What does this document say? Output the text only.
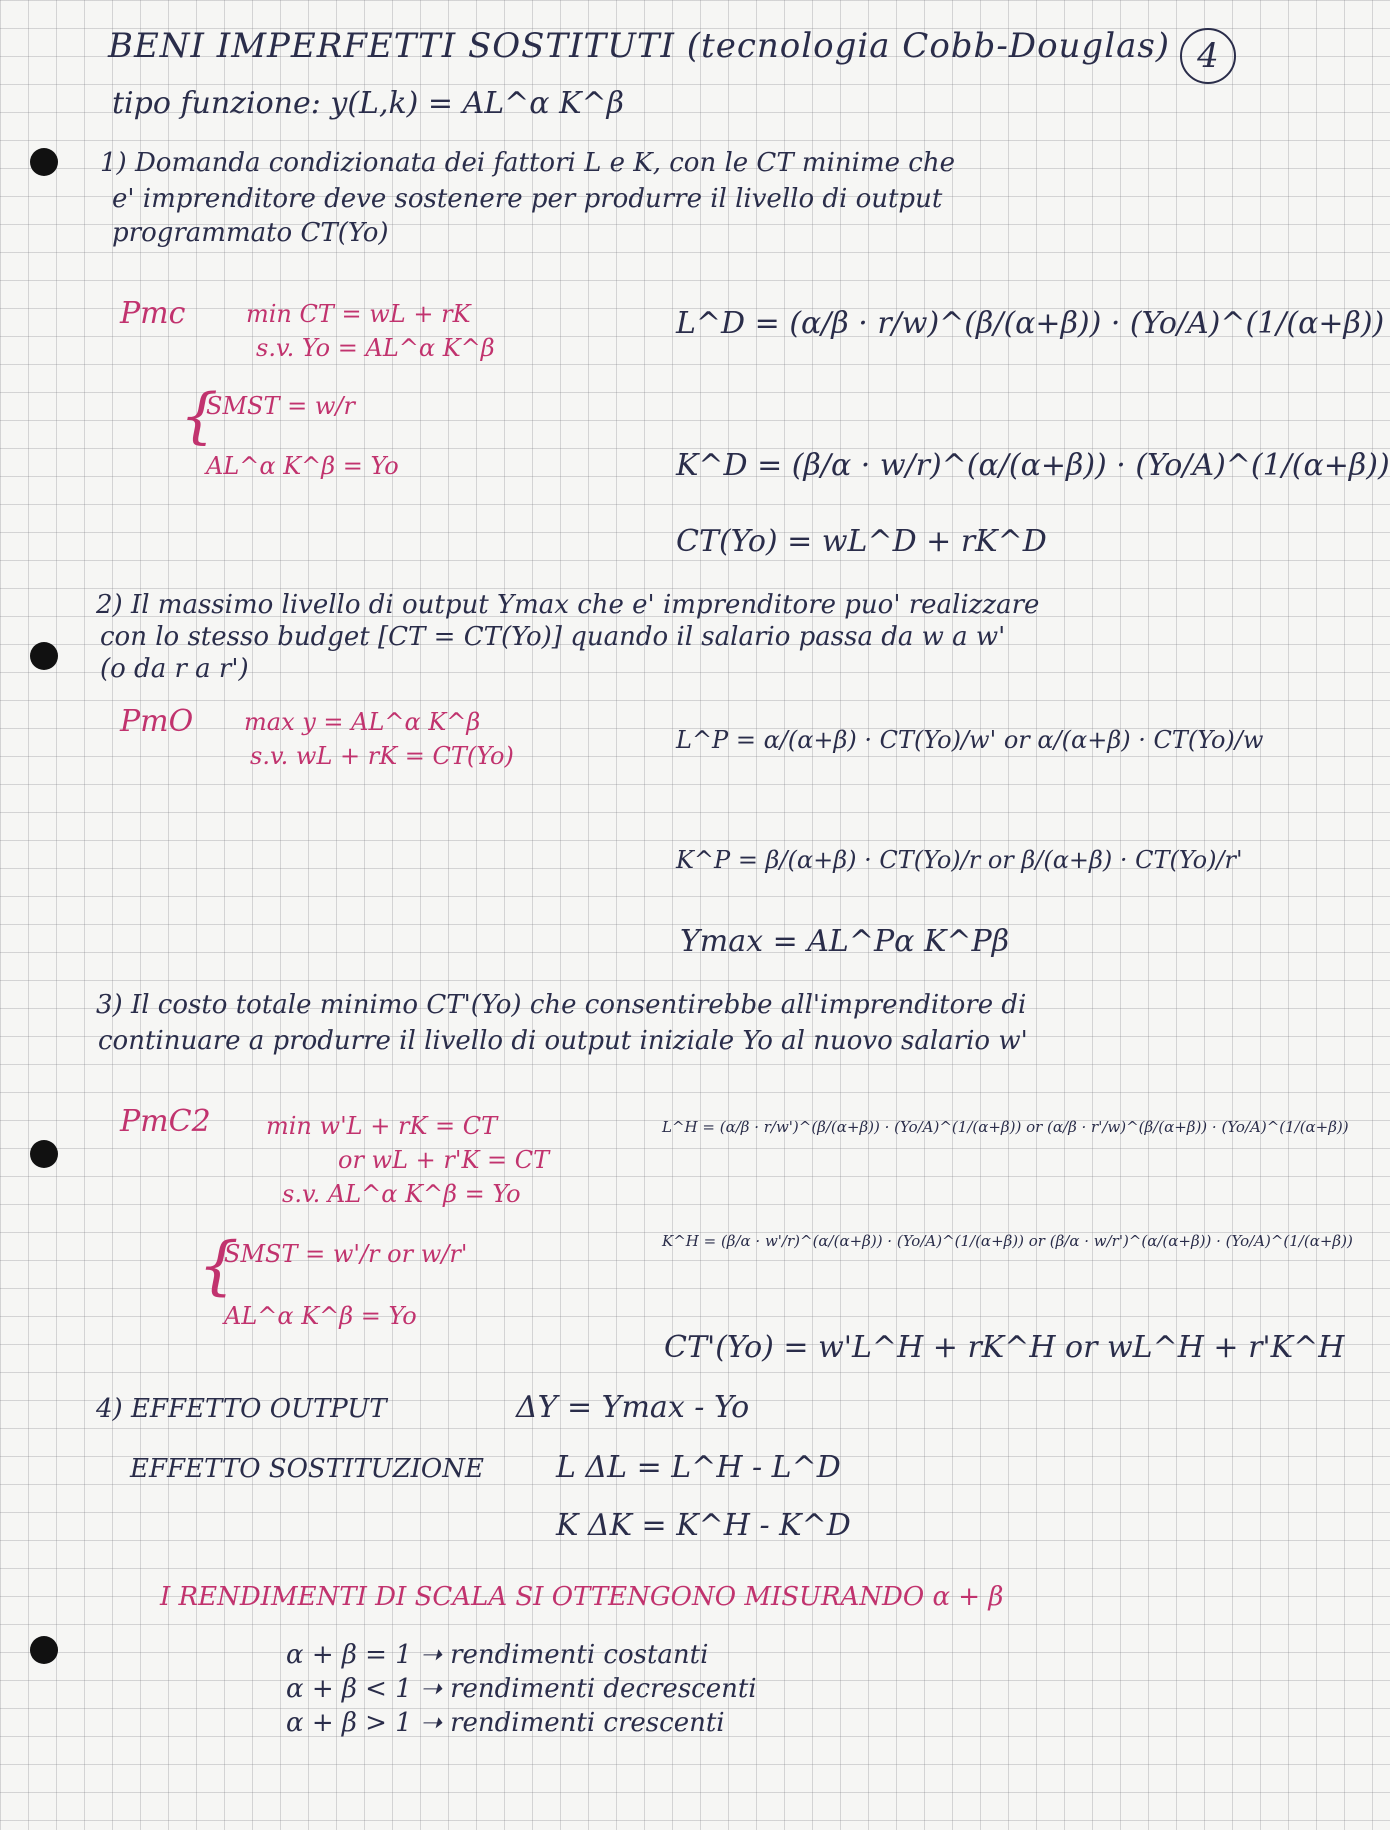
4
BENI IMPERFETTI SOSTITUTI (tecnologia Cobb-Douglas)
tipo funzione: y(L,k) = AL^α K^β
1) Domanda condizionata dei fattori L e K, con le CT minime che
e' imprenditore deve sostenere per produrre il livello di output
programmato CT(Yo)
Pmc	min CT = wL + rK
s.v. Yo = AL^α K^β
{
SMST = w/r
AL^α K^β = Yo
L^D = (α/β · r/w)^(β/(α+β)) · (Yo/A)^(1/(α+β))
K^D = (β/α · w/r)^(α/(α+β)) · (Yo/A)^(1/(α+β))
CT(Yo) = wL^D + rK^D
2) Il massimo livello di output Ymax che e' imprenditore puo' realizzare
con lo stesso budget [CT = CT(Yo)] quando il salario passa da w a w'
(o da r a r')
PmO max y = AL^α K^β
s.v. wL + rK = CT(Yo)
L^P = α/(α+β) · CT(Yo)/w' or α/(α+β) · CT(Yo)/w
K^P = β/(α+β) · CT(Yo)/r or β/(α+β) · CT(Yo)/r'
Ymax = AL^Pα K^Pβ
3) Il costo totale minimo CT'(Yo) che consentirebbe all'imprenditore di
continuare a produrre il livello di output iniziale Yo al nuovo salario w'
PmC2 min w'L + rK = CT
or wL + r'K = CT
s.v. AL^α K^β = Yo
{
SMST = w'/r or w/r'
AL^α K^β = Yo
L^H = (α/β · r/w')^(β/(α+β)) · (Yo/A)^(1/(α+β)) or (α/β · r'/w)^(β/(α+β)) · (Yo/A)^(1/(α+β))
K^H = (β/α · w'/r)^(α/(α+β)) · (Yo/A)^(1/(α+β)) or (β/α · w/r')^(α/(α+β)) · (Yo/A)^(1/(α+β))
CT'(Yo) = w'L^H + rK^H or wL^H + r'K^H
4) EFFETTO OUTPUT	ΔY = Ymax - Yo
EFFETTO SOSTITUZIONE L ΔL = L^H - L^D
K ΔK = K^H - K^D
I RENDIMENTI DI SCALA SI OTTENGONO MISURANDO α + β
α + β = 1 ➝ rendimenti costanti
α + β < 1 ➝ rendimenti decrescenti
α + β > 1 ➝ rendimenti crescenti
